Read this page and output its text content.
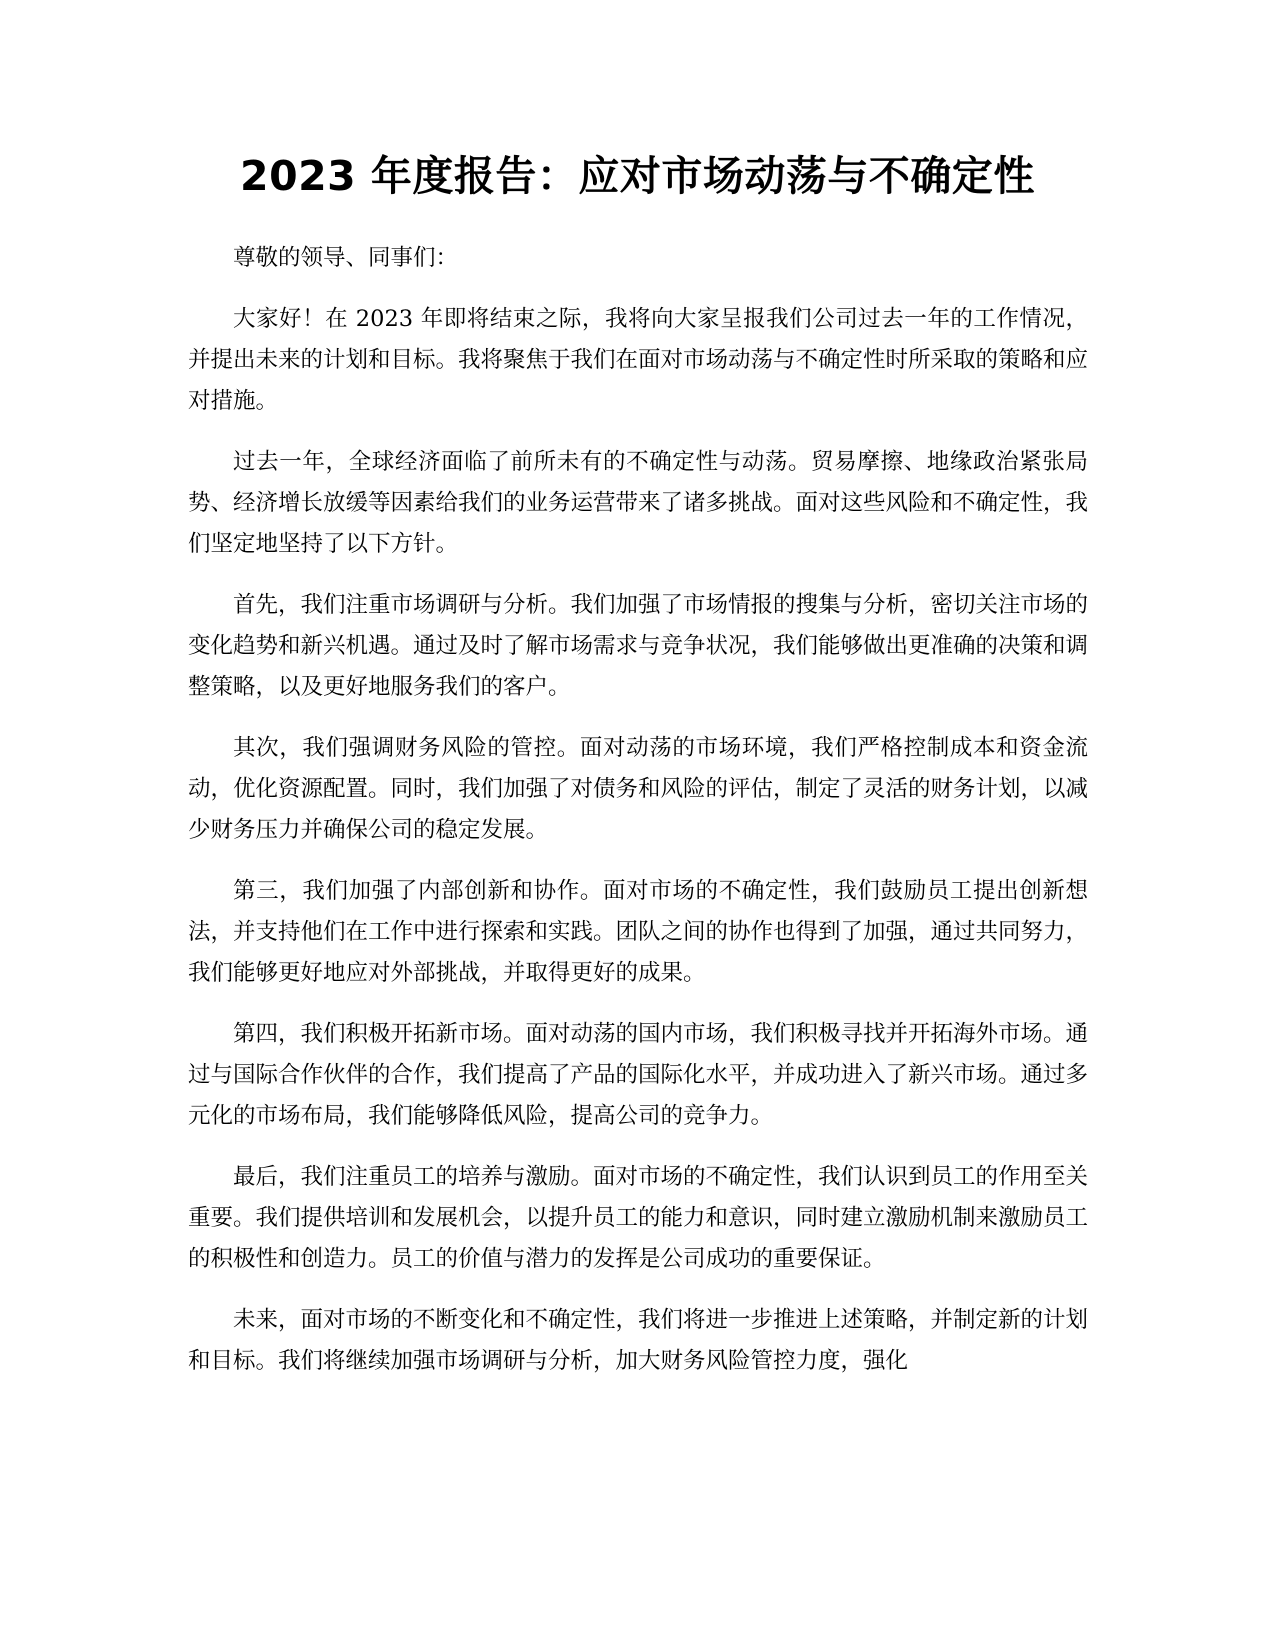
2023 年度报告：应对市场动荡与不确定性

尊敬的领导、同事们：

大家好！在 2023 年即将结束之际，我将向大家呈报我们公司过去一年的工作情况，并提出未来的计划和目标。我将聚焦于我们在面对市场动荡与不确定性时所采取的策略和应对措施。

过去一年，全球经济面临了前所未有的不确定性与动荡。贸易摩擦、地缘政治紧张局势、经济增长放缓等因素给我们的业务运营带来了诸多挑战。面对这些风险和不确定性，我们坚定地坚持了以下方针。

首先，我们注重市场调研与分析。我们加强了市场情报的搜集与分析，密切关注市场的变化趋势和新兴机遇。通过及时了解市场需求与竞争状况，我们能够做出更准确的决策和调整策略，以及更好地服务我们的客户。

其次，我们强调财务风险的管控。面对动荡的市场环境，我们严格控制成本和资金流动，优化资源配置。同时，我们加强了对债务和风险的评估，制定了灵活的财务计划，以减少财务压力并确保公司的稳定发展。

第三，我们加强了内部创新和协作。面对市场的不确定性，我们鼓励员工提出创新想法，并支持他们在工作中进行探索和实践。团队之间的协作也得到了加强，通过共同努力，我们能够更好地应对外部挑战，并取得更好的成果。

第四，我们积极开拓新市场。面对动荡的国内市场，我们积极寻找并开拓海外市场。通过与国际合作伙伴的合作，我们提高了产品的国际化水平，并成功进入了新兴市场。通过多元化的市场布局，我们能够降低风险，提高公司的竞争力。

最后，我们注重员工的培养与激励。面对市场的不确定性，我们认识到员工的作用至关重要。我们提供培训和发展机会，以提升员工的能力和意识，同时建立激励机制来激励员工的积极性和创造力。员工的价值与潜力的发挥是公司成功的重要保证。

未来，面对市场的不断变化和不确定性，我们将进一步推进上述策略，并制定新的计划和目标。我们将继续加强市场调研与分析，加大财务风险管控力度，强化
